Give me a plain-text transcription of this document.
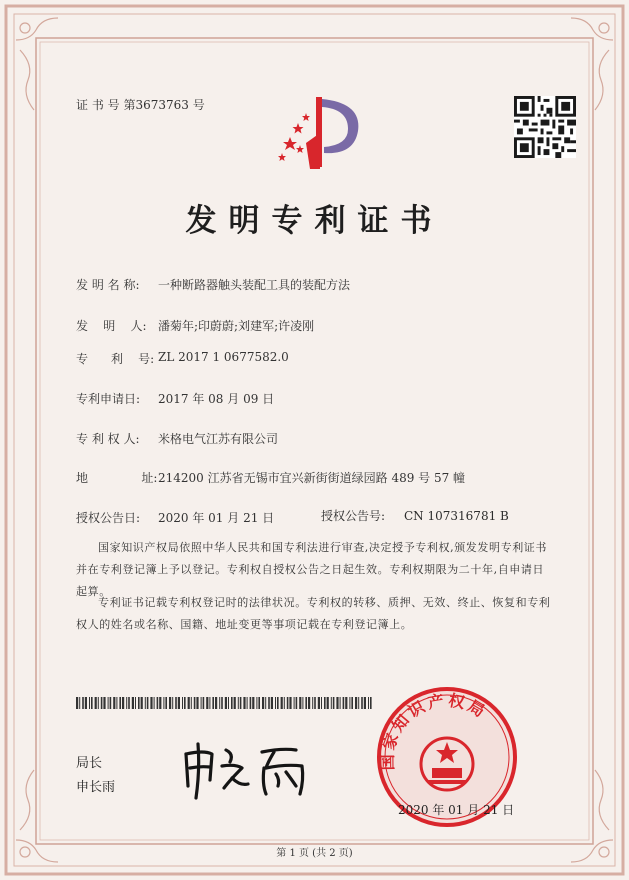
证 书 号 第3673763 号
发明专利证书
发 明 名 称: 一种断路器触头装配工具的装配方法
发    明    人: 潘菊年;印蔚蔚;刘建军;许凌刚
专      利    号: ZL 2017 1 0677582.0
专利申请日: 2017 年 08 月 09 日
专 利 权 人: 米格电气江苏有限公司
地              址: 214200 江苏省无锡市宜兴新街街道绿园路 489 号 57 幢
授权公告日: 2020 年 01 月 21 日	授权公告号: CN 107316781 B
国家知识产权局依照中华人民共和国专利法进行审查,决定授予专利权,颁发发明专利证书并在专利登记簿上予以登记。专利权自授权公告之日起生效。专利权期限为二十年,自申请日起算。
专利证书记载专利权登记时的法律状况。专利权的转移、质押、无效、终止、恢复和专利权人的姓名或名称、国籍、地址变更等事项记载在专利登记簿上。
局长
申长雨
国家知识产权局
2020 年 01 月 21 日
第 1 页 (共 2 页)
